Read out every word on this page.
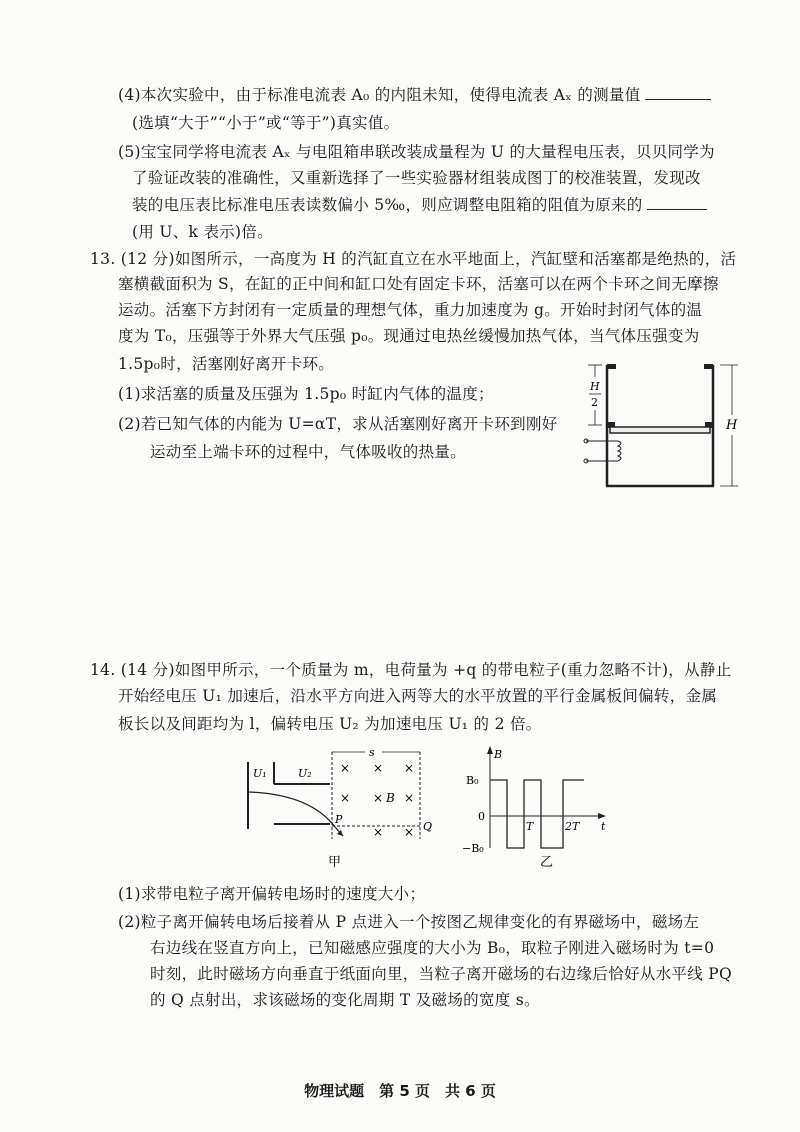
(4)本次实验中，由于标准电流表 A₀ 的内阻未知，使得电流表 Aₓ 的测量值
(选填“大于”“小于”或“等于”)真实值。
(5)宝宝同学将电流表 Aₓ 与电阻箱串联改装成量程为 U 的大量程电压表，贝贝同学为
了验证改装的准确性，又重新选择了一些实验器材组装成图丁的校准装置，发现改
装的电压表比标准电压表读数偏小 5‰，则应调整电阻箱的阻值为原来的
(用 U、k 表示)倍。
13. (12 分)如图所示，一高度为 H 的汽缸直立在水平地面上，汽缸壁和活塞都是绝热的，活
塞横截面积为 S，在缸的正中间和缸口处有固定卡环，活塞可以在两个卡环之间无摩擦
运动。活塞下方封闭有一定质量的理想气体，重力加速度为 g。开始时封闭气体的温
度为 T₀，压强等于外界大气压强 p₀。现通过电热丝缓慢加热气体，当气体压强变为
1.5p₀时，活塞刚好离开卡环。
(1)求活塞的质量及压强为 1.5p₀ 时缸内气体的温度；
(2)若已知气体的内能为 U=αT，求从活塞刚好离开卡环到刚好
运动至上端卡环的过程中，气体吸收的热量。
H
H
2
14. (14 分)如图甲所示，一个质量为 m，电荷量为 +q 的带电粒子(重力忽略不计)，从静止
开始经电压 U₁ 加速后，沿水平方向进入两等大的水平放置的平行金属板间偏转，金属
板长以及间距均为 l，偏转电压 U₂ 为加速电压 U₁ 的 2 倍。
U₁	U₂
s
× × ×
× × B ×
× ×
P
Q
甲
B
B₀
0
−B₀
T	2T t
乙
(1)求带电粒子离开偏转电场时的速度大小；
(2)粒子离开偏转电场后接着从 P 点进入一个按图乙规律变化的有界磁场中，磁场左
右边线在竖直方向上，已知磁感应强度的大小为 B₀，取粒子刚进入磁场时为 t=0
时刻，此时磁场方向垂直于纸面向里，当粒子离开磁场的右边缘后恰好从水平线 PQ
的 Q 点射出，求该磁场的变化周期 T 及磁场的宽度 s。
物理试题　第 5 页　共 6 页
